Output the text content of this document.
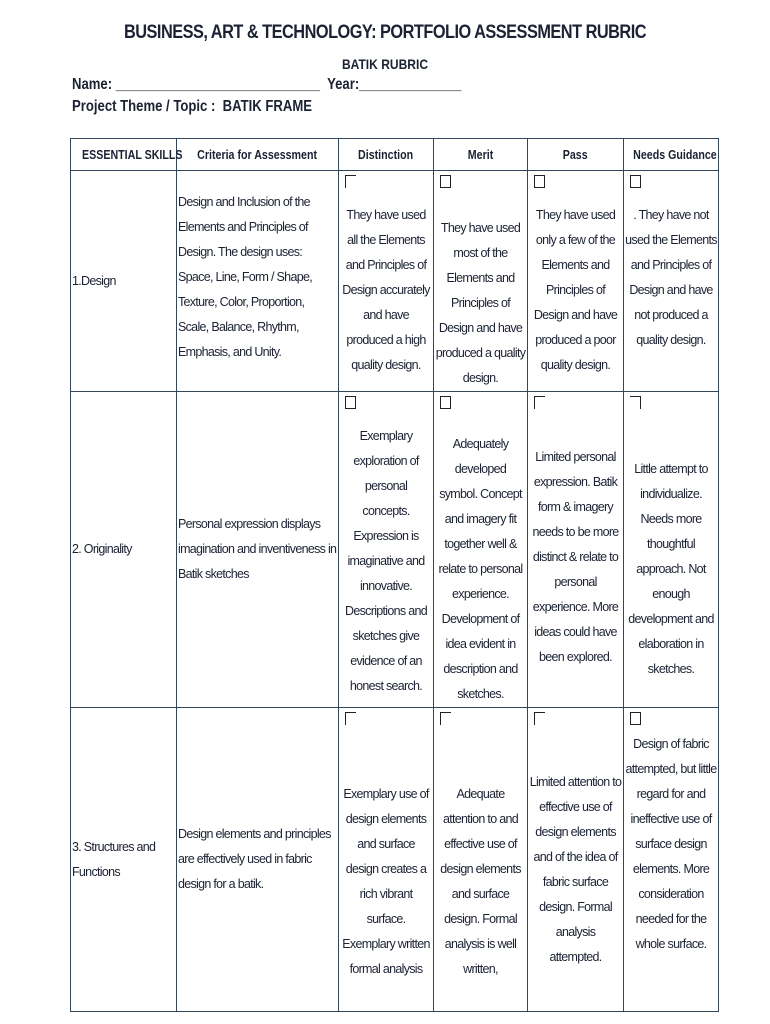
BUSINESS, ART & TECHNOLOGY: PORTFOLIO ASSESSMENT RUBRIC
BATIK RUBRIC
Name: ____________________________  Year:______________
Project Theme / Topic :  BATIK FRAME
ESSENTIAL SKILLS	Criteria for Assessment	Distinction	Merit	Pass	Needs Guidance
1.Design	Design and Inclusion of the Elements and Principles of Design. The design uses: Space, Line, Form / Shape, Texture, Color, Proportion, Scale, Balance, Rhythm, Emphasis, and Unity.	They have used all the Elements and Principles of Design accurately and have produced a high quality design.	They have used most of the Elements and Principles of Design and have produced a quality design.	They have used only a few of the Elements and Principles of Design and have produced a poor quality design.	. They have not used the Elements and Principles of Design and have not produced a quality design.

2. Originality	Personal expression displays imagination and inventiveness in Batik sketches	Exemplary exploration of personal concepts. Expression is imaginative and innovative. Descriptions and sketches give evidence of an honest search.	Adequately developed symbol. Concept and imagery fit together well & relate to personal experience. Development of idea evident in description and sketches.	Limited personal expression. Batik form & imagery needs to be more distinct & relate to personal experience. More ideas could have been explored.	Little attempt to individualize. Needs more thoughtful approach. Not enough development and elaboration in sketches.

3. Structures and Functions	Design elements and principles are effectively used in fabric design for a batik.	Exemplary use of design elements and surface design creates a rich vibrant surface. Exemplary written formal analysis	Adequate attention to and effective use of design elements and surface design. Formal analysis is well written,	Limited attention to effective use of design elements and of the idea of fabric surface design. Formal analysis attempted.	Design of fabric attempted, but little regard for and ineffective use of surface design elements. More consideration needed for the whole surface.
